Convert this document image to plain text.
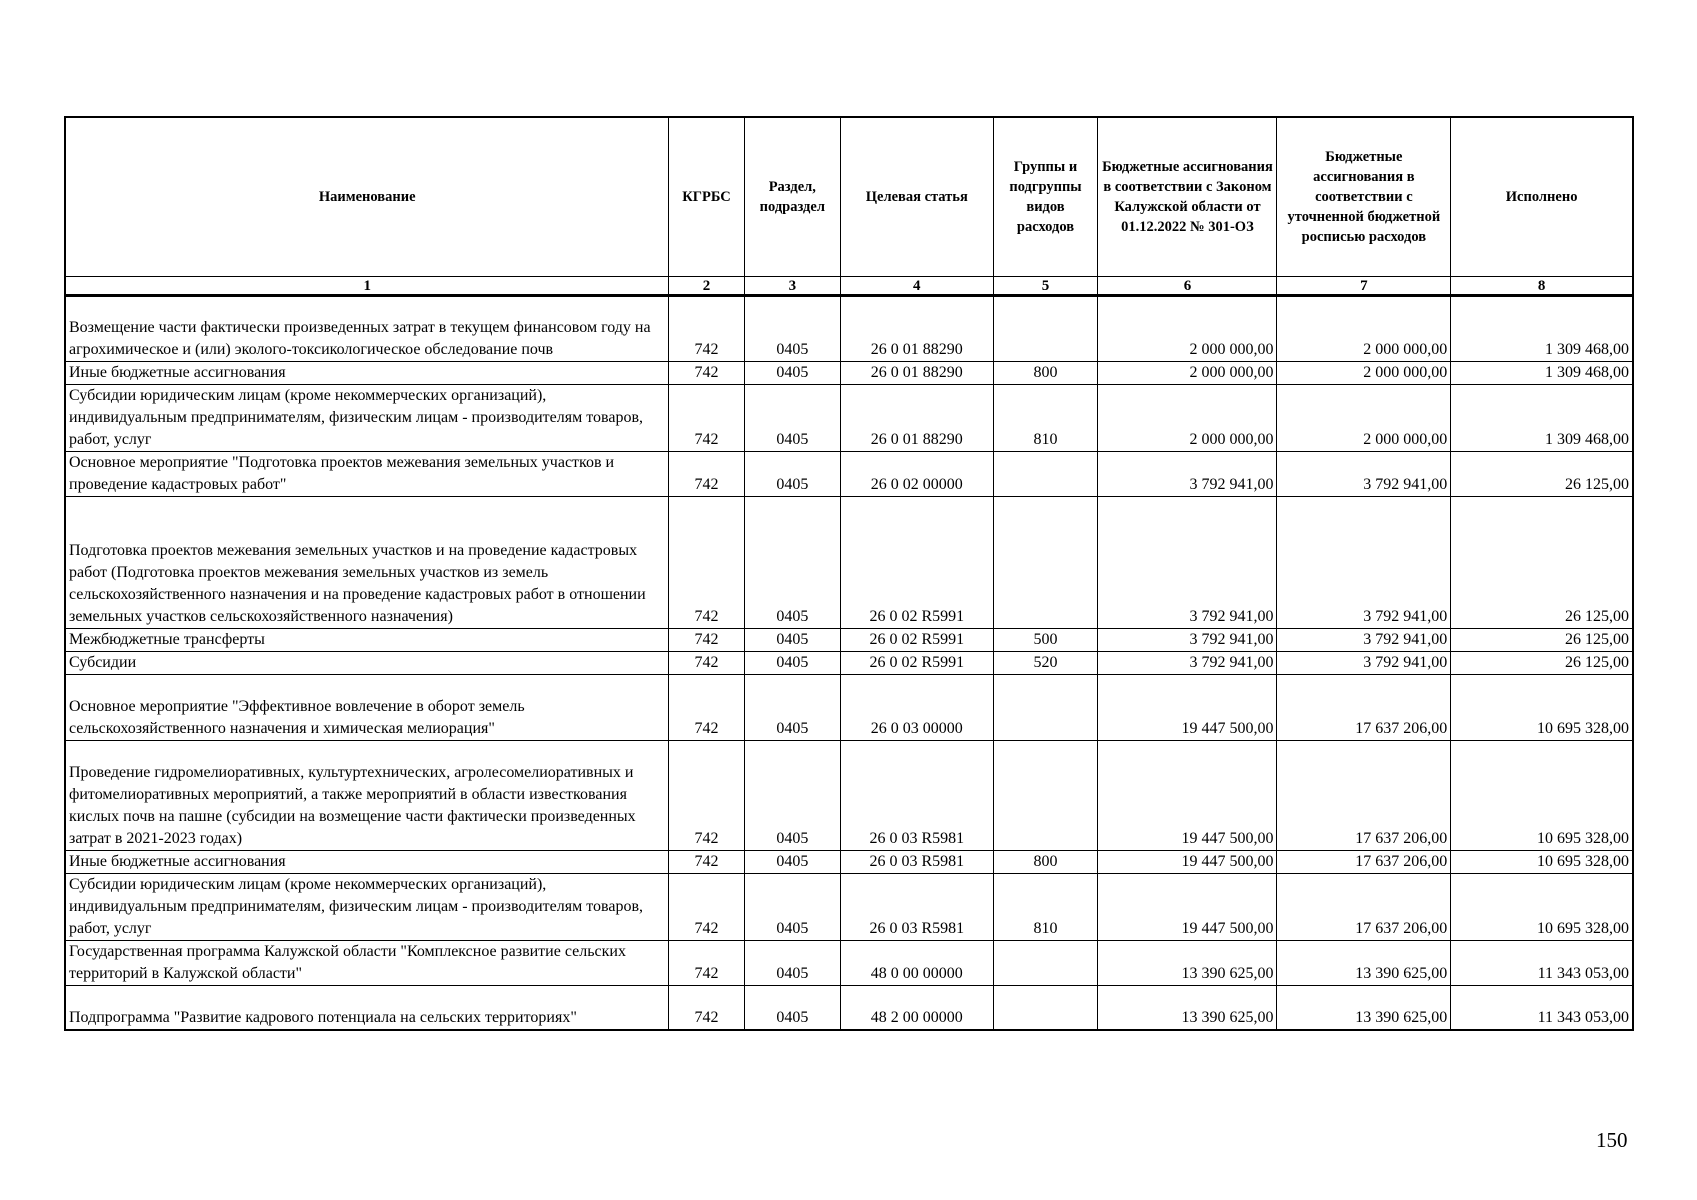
Наименование	КГРБС	Раздел, подраздел	Целевая статья	Группы и подгруппы видов расходов	Бюджетные ассигнования в соответствии с Законом Калужской области от 01.12.2022 № 301-ОЗ	Бюджетные ассигнования в соответствии с уточненной бюджетной росписью расходов	Исполнено
1	2	3	4	5	6	7	8
Возмещение части фактически произведенных затрат в текущем финансовом году на агрохимическое и (или) эколого-токсикологическое обследование почв	742	0405	26 0 01 88290		2 000 000,00	2 000 000,00	1 309 468,00
Иные бюджетные ассигнования	742	0405	26 0 01 88290	800	2 000 000,00	2 000 000,00	1 309 468,00
Субсидии юридическим лицам (кроме некоммерческих организаций), индивидуальным предпринимателям, физическим лицам - производителям товаров, работ, услуг	742	0405	26 0 01 88290	810	2 000 000,00	2 000 000,00	1 309 468,00
Основное мероприятие "Подготовка проектов межевания земельных участков и проведение кадастровых работ"	742	0405	26 0 02 00000		3 792 941,00	3 792 941,00	26 125,00
Подготовка проектов межевания земельных участков и на проведение кадастровых работ (Подготовка проектов межевания земельных участков из земель сельскохозяйственного назначения и на проведение кадастровых работ в отношении земельных участков сельскохозяйственного назначения)	742	0405	26 0 02 R5991		3 792 941,00	3 792 941,00	26 125,00
Межбюджетные трансферты	742	0405	26 0 02 R5991	500	3 792 941,00	3 792 941,00	26 125,00
Субсидии	742	0405	26 0 02 R5991	520	3 792 941,00	3 792 941,00	26 125,00
Основное мероприятие "Эффективное вовлечение в оборот земель сельскохозяйственного назначения и химическая мелиорация"	742	0405	26 0 03 00000		19 447 500,00	17 637 206,00	10 695 328,00
Проведение гидромелиоративных, культуртехнических, агролесомелиоративных и фитомелиоративных мероприятий, а также мероприятий в области известкования кислых почв на пашне (субсидии на возмещение части фактически произведенных затрат в 2021-2023 годах)	742	0405	26 0 03 R5981		19 447 500,00	17 637 206,00	10 695 328,00
Иные бюджетные ассигнования	742	0405	26 0 03 R5981	800	19 447 500,00	17 637 206,00	10 695 328,00
Субсидии юридическим лицам (кроме некоммерческих организаций), индивидуальным предпринимателям, физическим лицам - производителям товаров, работ, услуг	742	0405	26 0 03 R5981	810	19 447 500,00	17 637 206,00	10 695 328,00
Государственная программа Калужской области "Комплексное развитие сельских территорий в Калужской области"	742	0405	48 0 00 00000		13 390 625,00	13 390 625,00	11 343 053,00
Подпрограмма "Развитие кадрового потенциала на сельских территориях"	742	0405	48 2 00 00000		13 390 625,00	13 390 625,00	11 343 053,00
150
